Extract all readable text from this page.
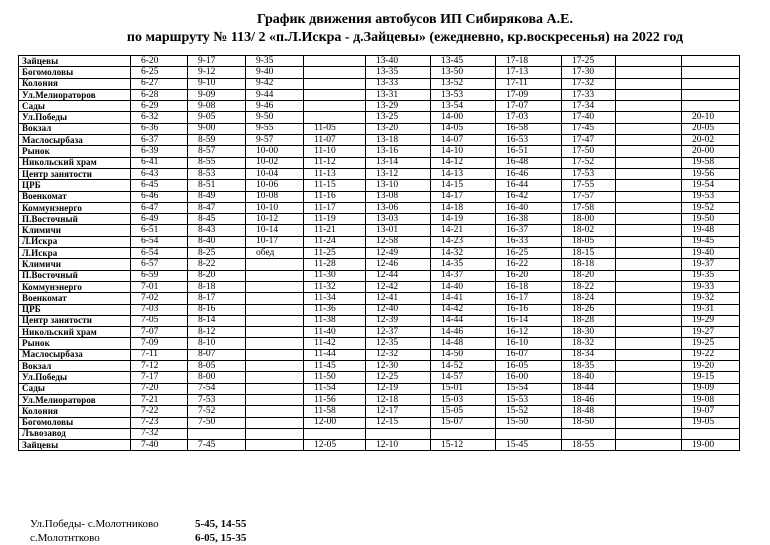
График движения автобусов ИП Сибирякова А.Е.
по маршруту № 113/ 2 «п.Л.Искра - д.Зайцевы» (ежедневно, кр.воскресенья) на 2022 год
Зайцевы	6-20	9-17	9-35		13-40	13-45	17-18	17-25		
Богомоловы	6-25	9-12	9-40		13-35	13-50	17-13	17-30		
Колония	6-27	9-10	9-42		13-33	13-52	17-11	17-32		
Ул.Мелиораторов	6-28	9-09	9-44		13-31	13-53	17-09	17-33		
Сады	6-29	9-08	9-46		13-29	13-54	17-07	17-34		
Ул.Победы	6-32	9-05	9-50		13-25	14-00	17-03	17-40		20-10
Вокзал	6-36	9-00	9-55	11-05	13-20	14-05	16-58	17-45		20-05
Маслосырбаза	6-37	8-59	9-57	11-07	13-18	14-07	16-53	17-47		20-02
Рынок	6-39	8-57	10-00	11-10	13-16	14-10	16-51	17-50		20-00
Никольский храм	6-41	8-55	10-02	11-12	13-14	14-12	16-48	17-52		19-58
Центр занятости	6-43	8-53	10-04	11-13	13-12	14-13	16-46	17-53		19-56
ЦРБ	6-45	8-51	10-06	11-15	13-10	14-15	16-44	17-55		19-54
Военкомат	6-46	8-49	10-08	11-16	13-08	14-17	16-42	17-57		19-53
Коммунэнерго	6-47	8-47	10-10	11-17	13-06	14-18	16-40	17-58		19-52
П.Восточный	6-49	8-45	10-12	11-19	13-03	14-19	16-38	18-00		19-50
Климичи	6-51	8-43	10-14	11-21	13-01	14-21	16-37	18-02		19-48
Л.Искра	6-54	8-40	10-17	11-24	12-58	14-23	16-33	18-05		19-45
Л.Искра	6-54	8-25	обед	11-25	12-49	14-32	16-25	18-15		19-40
Климичи	6-57	8-22		11-28	12-46	14-35	16-22	18-18		19-37
П.Восточный	6-59	8-20		11-30	12-44	14-37	16-20	18-20		19-35
Коммунэнерго	7-01	8-18		11-32	12-42	14-40	16-18	18-22		19-33
Военкомат	7-02	8-17		11-34	12-41	14-41	16-17	18-24		19-32
ЦРБ	7-03	8-16		11-36	12-40	14-42	16-16	18-26		19-31
Центр занятости	7-05	8-14		11-38	12-39	14-44	16-14	18-28		19-29
Никольский храм	7-07	8-12		11-40	12-37	14-46	16-12	18-30		19-27
Рынок	7-09	8-10		11-42	12-35	14-48	16-10	18-32		19-25
Маслосырбаза	7-11	8-07		11-44	12-32	14-50	16-07	18-34		19-22
Вокзал	7-12	8-05		11-45	12-30	14-52	16-05	18-35		19-20
Ул.Победы	7-17	8-00		11-50	12-25	14-57	16-00	18-40		19-15
Сады	7-20	7-54		11-54	12-19	15-01	15-54	18-44		19-09
Ул.Мелиораторов	7-21	7-53		11-56	12-18	15-03	15-53	18-46		19-08
Колония	7-22	7-52		11-58	12-17	15-05	15-52	18-48		19-07
Богомоловы	7-23	7-50		12-00	12-15	15-07	15-50	18-50		19-05
Лъвозавод	7-32									
Зайцевы	7-40	7-45		12-05	12-10	15-12	15-45	18-55		19-00
Ул.Победы- с.Молотниково	5-45, 14-55
с.Молотнтково	6-05, 15-35
